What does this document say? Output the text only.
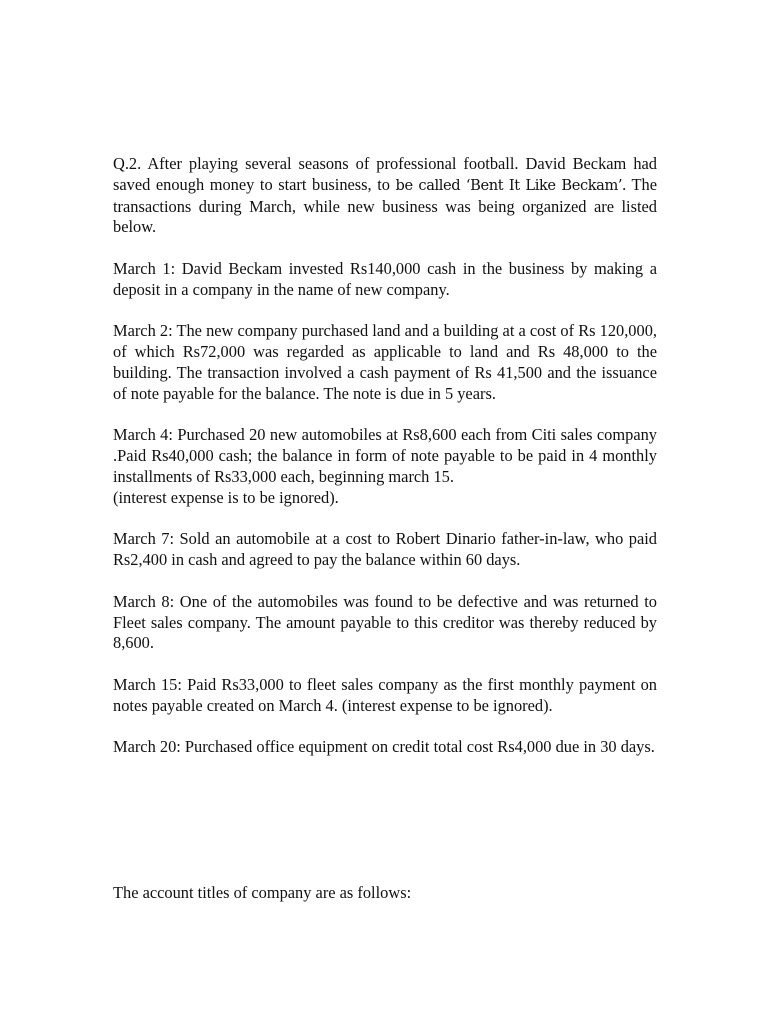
Q.2. After playing several seasons of professional football. David Beckam had saved enough money to start business, to be called ‘Bent It Like Beckam’. The transactions during March, while new business was being organized are listed below.

March 1: David Beckam invested Rs140,000 cash in the business by making a deposit in a company in the name of new company.

March 2: The new company purchased land and a building at a cost of Rs 120,000, of which Rs72,000 was regarded as applicable to land and Rs 48,000 to the building. The transaction involved a cash payment of Rs 41,500 and the issuance of note payable for the balance. The note is due in 5 years.

March 4: Purchased 20 new automobiles at Rs8,600 each from Citi sales company .Paid Rs40,000 cash; the balance in form of note payable to be paid in 4 monthly installments of Rs33,000 each, beginning march 15.
(interest expense is to be ignored).

March 7: Sold an automobile at a cost to Robert Dinario father-in-law, who paid Rs2,400 in cash and agreed to pay the balance within 60 days.

March 8: One of the automobiles was found to be defective and was returned to Fleet sales company. The amount payable to this creditor was thereby reduced by 8,600.

March 15: Paid Rs33,000 to fleet sales company as the first monthly payment on notes payable created on March 4. (interest expense to be ignored).

March 20: Purchased office equipment on credit total cost Rs4,000 due in 30 days.

The account titles of company are as follows:
